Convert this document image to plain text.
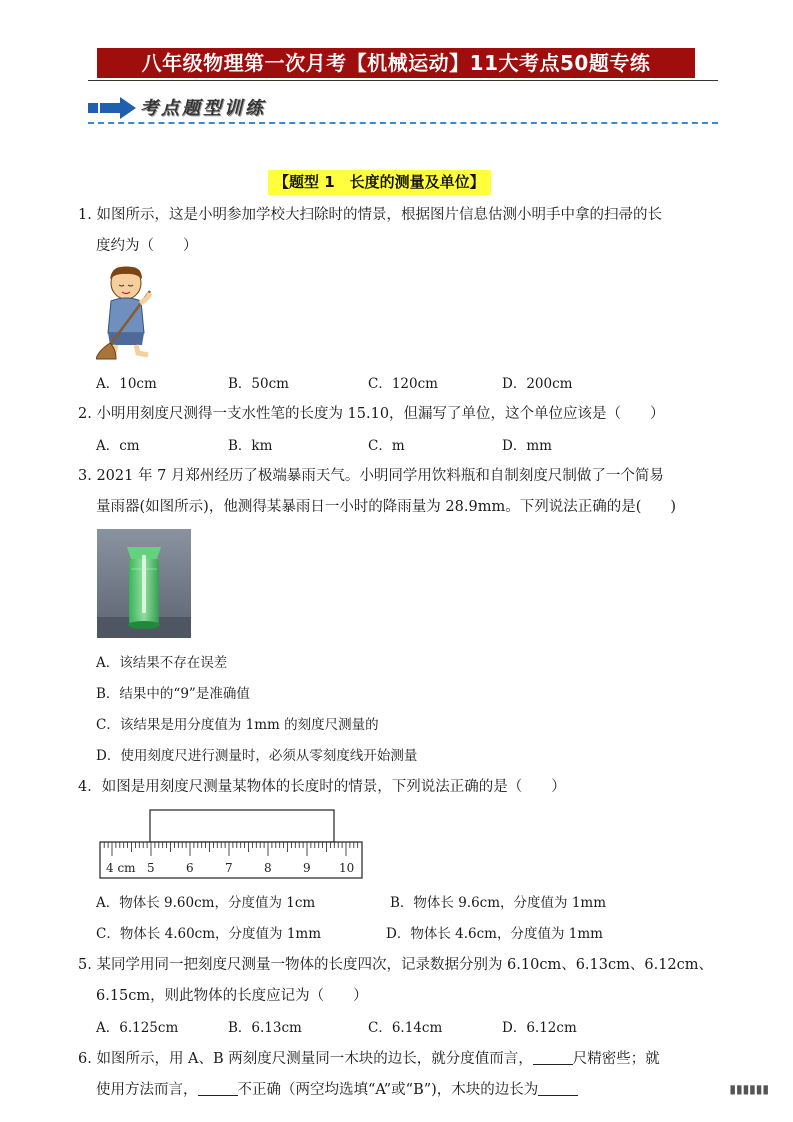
八年级物理第一次月考【机械运动】11大考点50题专练
考点题型训练
【题型 1　长度的测量及单位】
1. 如图所示，这是小明参加学校大扫除时的情景，根据图片信息估测小明手中拿的扫帚的长
度约为（　　）
A．10cm	B．50cm	C．120cm	D．200cm
2. 小明用刻度尺测得一支水性笔的长度为 15.10，但漏写了单位，这个单位应该是（　　）
A．cm	B．km	C．m	D．mm
3. 2021 年 7 月郑州经历了极端暴雨天气。小明同学用饮料瓶和自制刻度尺制做了一个简易
量雨器(如图所示)，他测得某暴雨日一小时的降雨量为 28.9mm。下列说法正确的是(　　)
A．该结果不存在误差
B．结果中的“9”是准确值
C．该结果是用分度值为 1mm 的刻度尺测量的
D．使用刻度尺进行测量时，必须从零刻度线开始测量
4．如图是用刻度尺测量某物体的长度时的情景，下列说法正确的是（　　）
4 cm 5	6	7	8	9 10
A．物体长 9.60cm，分度值为 1cm	B．物体长 9.6cm，分度值为 1mm
C．物体长 4.60cm，分度值为 1mm	D．物体长 4.6cm，分度值为 1mm
5. 某同学用同一把刻度尺测量一物体的长度四次，记录数据分别为 6.10cm、6.13cm、6.12cm、
6.15cm，则此物体的长度应记为（　　）
A．6.125cm	B．6.13cm	C．6.14cm	D．6.12cm
6. 如图所示，用 A、B 两刻度尺测量同一木块的边长，就分度值而言，	尺精密些；就
使用方法而言，	不正确（两空均选填“A”或“B”)，木块的边长为	▮▮▮▮▮▮
